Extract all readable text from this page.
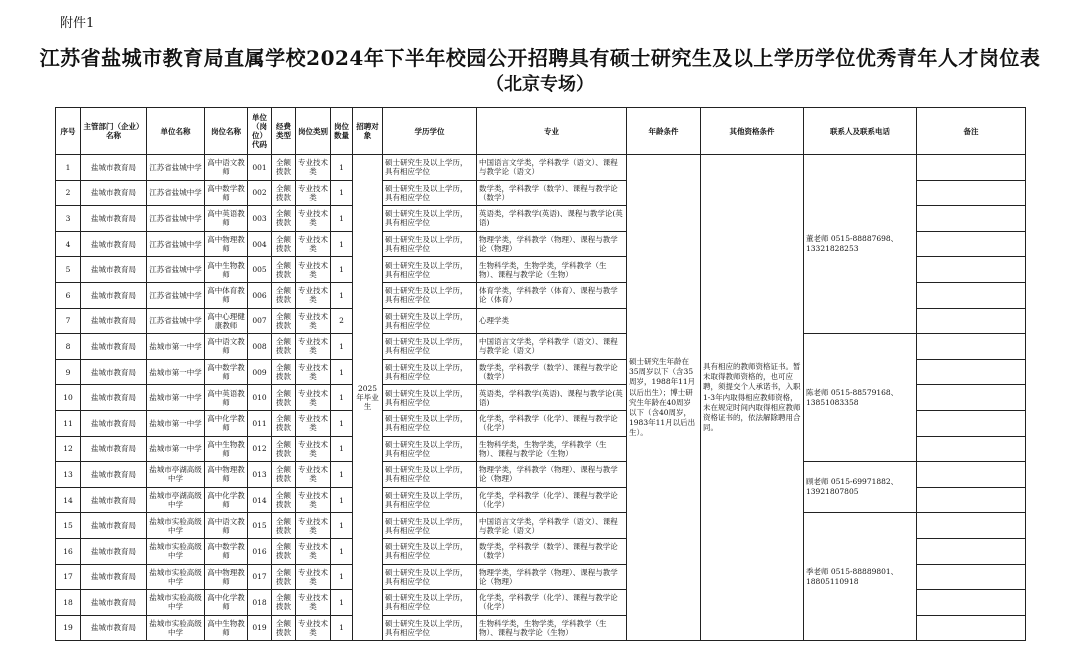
附件1
江苏省盐城市教育局直属学校2024年下半年校园公开招聘具有硕士研究生及以上学历学位优秀青年人才岗位表
（北京专场）
序号	主管部门（企业）名称	单位名称	岗位名称	单位（岗位）代码	经费类型	岗位类别	岗位数量	招聘对象	学历学位	专业	年龄条件	其他资格条件	联系人及联系电话	备注
1	盐城市教育局	江苏省盐城中学	高中语文教师	001	全额拨款	专业技术类	1	2025年毕业生	硕士研究生及以上学历，具有相应学位	中国语言文学类，学科教学（语文）、课程与教学论（语文）	硕士研究生年龄在35周岁以下（含35周岁，1988年11月以后出生）；博士研究生年龄在40周岁以下（含40周岁，1983年11月以后出生）。	具有相应的教师资格证书。暂未取得教师资格的，也可应聘，须提交个人承诺书，入职1-3年内取得相应教师资格，未在规定时间内取得相应教师资格证书的，依法解除聘用合同。	董老师 0515-88887698、13321828253	
2	盐城市教育局	江苏省盐城中学	高中数学教师	002	全额拨款	专业技术类	1		硕士研究生及以上学历，具有相应学位	数学类，学科教学（数学）、课程与教学论（数学）				
3	盐城市教育局	江苏省盐城中学	高中英语教师	003	全额拨款	专业技术类	1		硕士研究生及以上学历，具有相应学位	英语类，学科教学(英语)、课程与教学论(英语)				
4	盐城市教育局	江苏省盐城中学	高中物理教师	004	全额拨款	专业技术类	1		硕士研究生及以上学历，具有相应学位	物理学类，学科教学（物理）、课程与教学论（物理）				
5	盐城市教育局	江苏省盐城中学	高中生物教师	005	全额拨款	专业技术类	1		硕士研究生及以上学历，具有相应学位	生物科学类，生物学类，学科教学（生物）、课程与教学论（生物）				
6	盐城市教育局	江苏省盐城中学	高中体育教师	006	全额拨款	专业技术类	1		硕士研究生及以上学历，具有相应学位	体育学类，学科教学（体育）、课程与教学论（体育）				
7	盐城市教育局	江苏省盐城中学	高中心理健康教师	007	全额拨款	专业技术类	2		硕士研究生及以上学历，具有相应学位	心理学类				
8	盐城市教育局	盐城市第一中学	高中语文教师	008	全额拨款	专业技术类	1		硕士研究生及以上学历，具有相应学位	中国语言文学类，学科教学（语文）、课程与教学论（语文）			陈老师 0515-88579168、13851083358	
9	盐城市教育局	盐城市第一中学	高中数学教师	009	全额拨款	专业技术类	1		硕士研究生及以上学历，具有相应学位	数学类，学科教学（数学）、课程与教学论（数学）				
10	盐城市教育局	盐城市第一中学	高中英语教师	010	全额拨款	专业技术类	1		硕士研究生及以上学历，具有相应学位	英语类，学科教学(英语)、课程与教学论(英语)				
11	盐城市教育局	盐城市第一中学	高中化学教师	011	全额拨款	专业技术类	1		硕士研究生及以上学历，具有相应学位	化学类，学科教学（化学）、课程与教学论（化学）				
12	盐城市教育局	盐城市第一中学	高中生物教师	012	全额拨款	专业技术类	1		硕士研究生及以上学历，具有相应学位	生物科学类，生物学类，学科教学（生物）、课程与教学论（生物）				
13	盐城市教育局	盐城市亭湖高级中学	高中物理教师	013	全额拨款	专业技术类	1		硕士研究生及以上学历，具有相应学位	物理学类，学科教学（物理）、课程与教学论（物理）			顾老师 0515-69971882、13921807805	
14	盐城市教育局	盐城市亭湖高级中学	高中化学教师	014	全额拨款	专业技术类	1		硕士研究生及以上学历，具有相应学位	化学类，学科教学（化学）、课程与教学论（化学）				
15	盐城市教育局	盐城市实验高级中学	高中语文教师	015	全额拨款	专业技术类	1		硕士研究生及以上学历，具有相应学位	中国语言文学类，学科教学（语文）、课程与教学论（语文）			季老师 0515-88889801、18805110918	
16	盐城市教育局	盐城市实验高级中学	高中数学教师	016	全额拨款	专业技术类	1		硕士研究生及以上学历，具有相应学位	数学类，学科教学（数学）、课程与教学论（数学）				
17	盐城市教育局	盐城市实验高级中学	高中物理教师	017	全额拨款	专业技术类	1		硕士研究生及以上学历，具有相应学位	物理学类，学科教学（物理）、课程与教学论（物理）				
18	盐城市教育局	盐城市实验高级中学	高中化学教师	018	全额拨款	专业技术类	1		硕士研究生及以上学历，具有相应学位	化学类，学科教学（化学）、课程与教学论（化学）				
19	盐城市教育局	盐城市实验高级中学	高中生物教师	019	全额拨款	专业技术类	1		硕士研究生及以上学历，具有相应学位	生物科学类，生物学类，学科教学（生物）、课程与教学论（生物）				
